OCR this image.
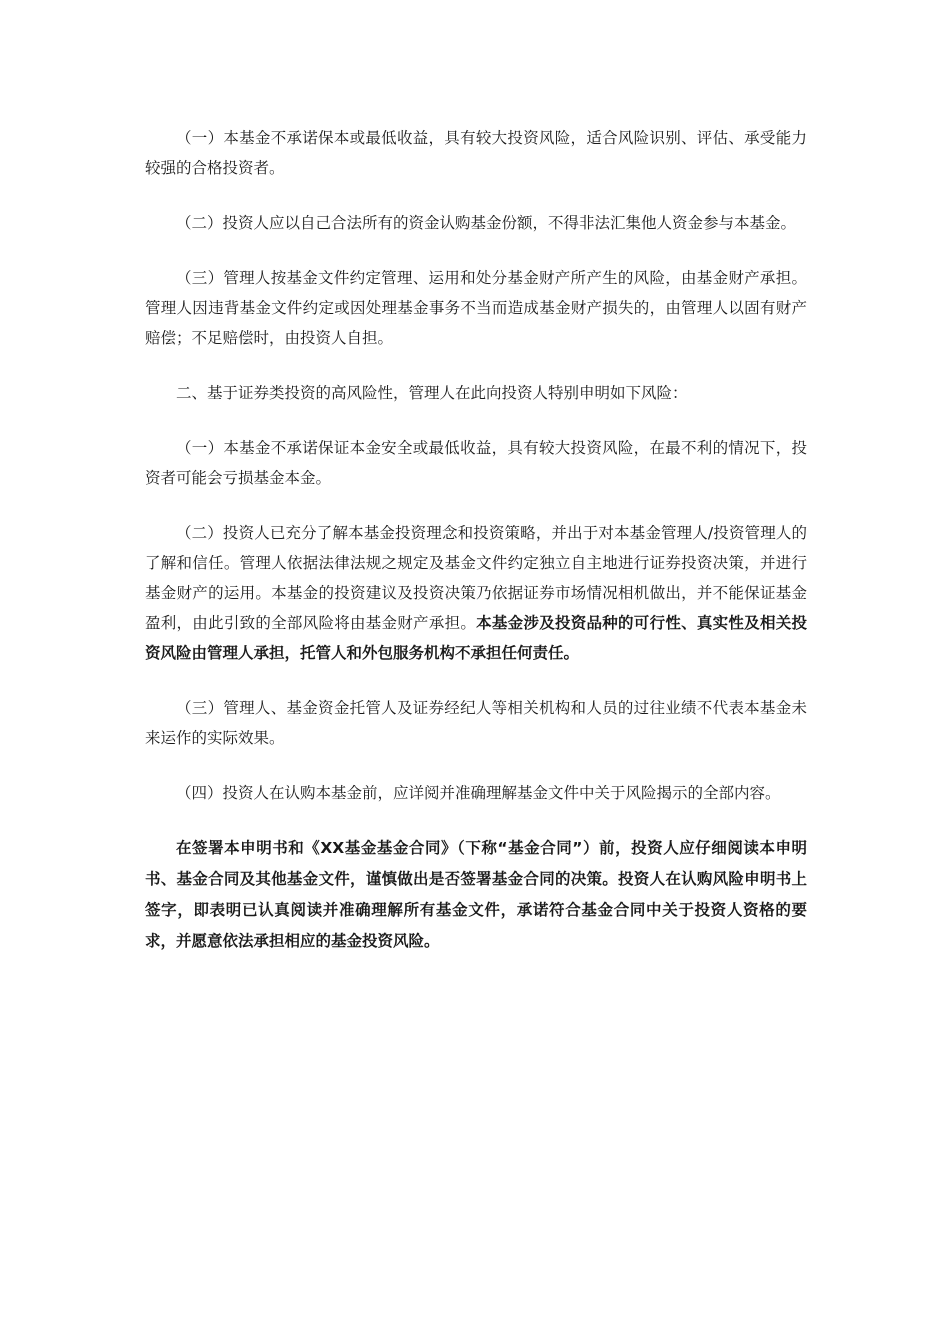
（一）本基金不承诺保本或最低收益，具有较大投资风险，适合风险识别、评估、承受能力较强的合格投资者。

（二）投资人应以自己合法所有的资金认购基金份额，不得非法汇集他人资金参与本基金。

（三）管理人按基金文件约定管理、运用和处分基金财产所产生的风险，由基金财产承担。管理人因违背基金文件约定或因处理基金事务不当而造成基金财产损失的，由管理人以固有财产赔偿；不足赔偿时，由投资人自担。

二、基于证券类投资的高风险性，管理人在此向投资人特别申明如下风险：

（一）本基金不承诺保证本金安全或最低收益，具有较大投资风险，在最不利的情况下，投资者可能会亏损基金本金。

（二）投资人已充分了解本基金投资理念和投资策略，并出于对本基金管理人/投资管理人的了解和信任。管理人依据法律法规之规定及基金文件约定独立自主地进行证券投资决策，并进行基金财产的运用。本基金的投资建议及投资决策乃依据证券市场情况相机做出，并不能保证基金盈利，由此引致的全部风险将由基金财产承担。本基金涉及投资品种的可行性、真实性及相关投资风险由管理人承担，托管人和外包服务机构不承担任何责任。

（三）管理人、基金资金托管人及证券经纪人等相关机构和人员的过往业绩不代表本基金未来运作的实际效果。

（四）投资人在认购本基金前，应详阅并准确理解基金文件中关于风险揭示的全部内容。

在签署本申明书和《XX基金基金合同》（下称“基金合同”）前，投资人应仔细阅读本申明书、基金合同及其他基金文件，谨慎做出是否签署基金合同的决策。投资人在认购风险申明书上签字，即表明已认真阅读并准确理解所有基金文件，承诺符合基金合同中关于投资人资格的要求，并愿意依法承担相应的基金投资风险。
